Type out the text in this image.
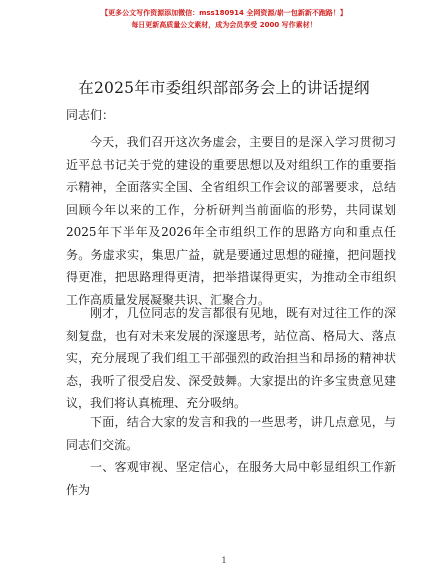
【更多公文写作资源添加微信：mss180914 全网资源/崭一包新新不跑路！】
每日更新高质量公文素材，成为会员享受 2000 写作素材！
在2025年市委组织部部务会上的讲话提纲
同志们：

今天，我们召开这次务虚会，主要目的是深入学习贯彻习近平总书记关于党的建设的重要思想以及对组织工作的重要指示精神，全面落实全国、全省组织工作会议的部署要求，总结回顾今年以来的工作，分析研判当前面临的形势，共同谋划2025年下半年及2026年全市组织工作的思路方向和重点任务。务虚求实，集思广益，就是要通过思想的碰撞，把问题找得更准，把思路理得更清，把举措谋得更实，为推动全市组织工作高质量发展凝聚共识、汇聚合力。

刚才，几位同志的发言都很有见地，既有对过往工作的深刻复盘，也有对未来发展的深邃思考，站位高、格局大、落点实，充分展现了我们组工干部强烈的政治担当和昂扬的精神状态，我听了很受启发、深受鼓舞。大家提出的许多宝贵意见建议，我们将认真梳理、充分吸纳。

下面，结合大家的发言和我的一些思考，讲几点意见，与同志们交流。

一、客观审视、坚定信心，在服务大局中彰显组织工作新作为

1
